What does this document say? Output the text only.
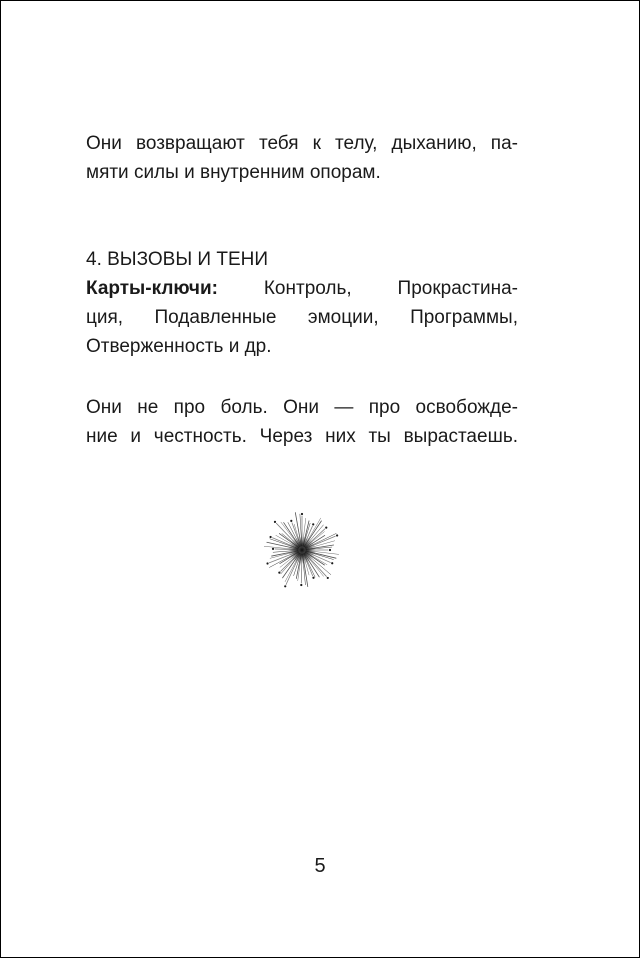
Они возвращают тебя к телу, дыханию, па-
мяти силы и внутренним опорам.

4. ВЫЗОВЫ И ТЕНИ

Карты-ключи: Контроль, Прокрастина-
ция, Подавленные эмоции, Программы,
Отверженность и др.

Они не про боль. Они — про освобожде-
ние и честность. Через них ты вырастаешь.

5
